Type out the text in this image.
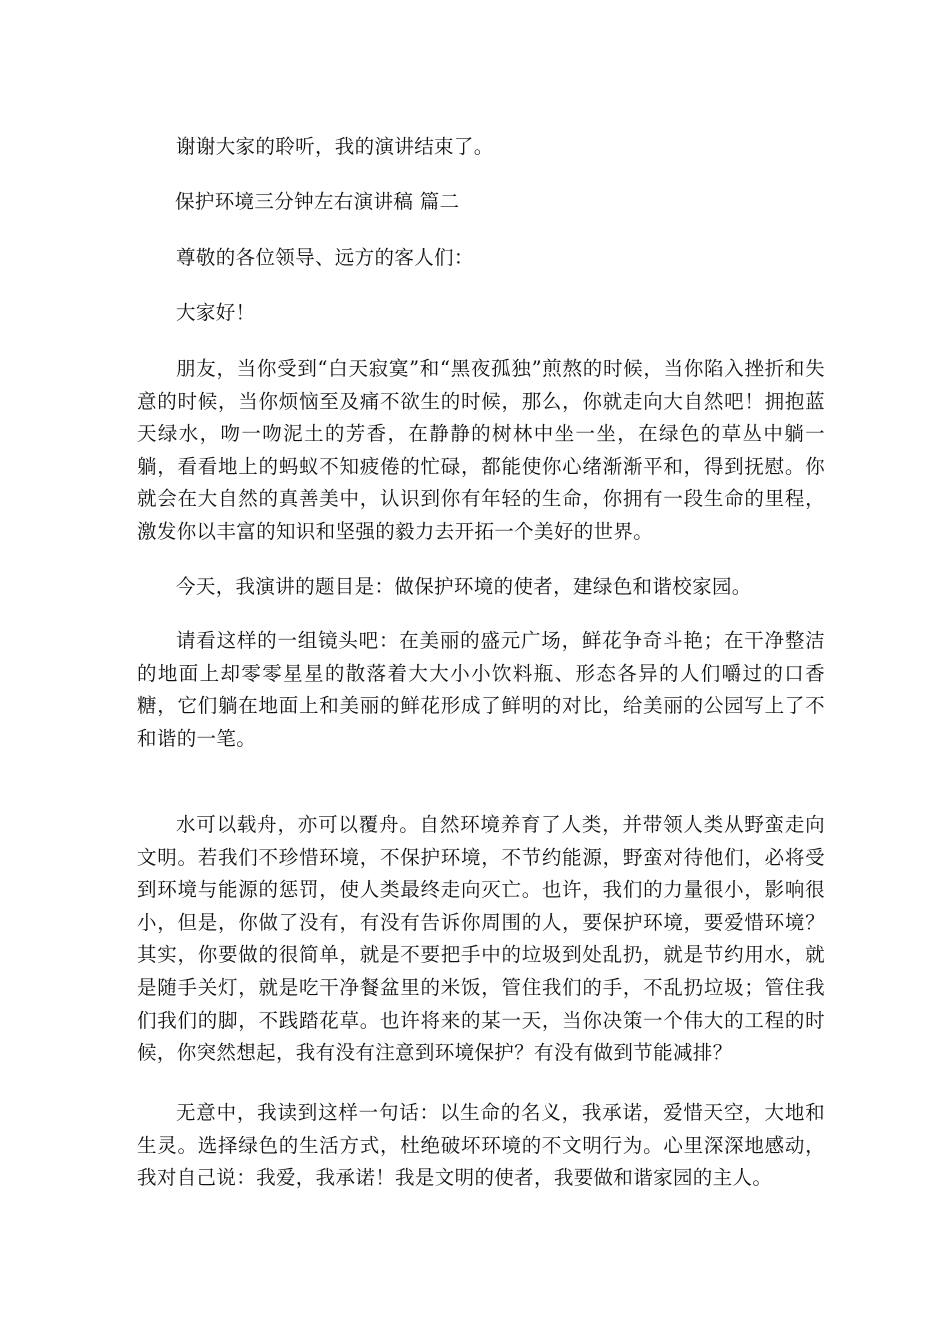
谢谢大家的聆听，我的演讲结束了。

保护环境三分钟左右演讲稿 篇二

尊敬的各位领导、远方的客人们：

大家好！

朋友，当你受到“白天寂寞”和“黑夜孤独”煎熬的时候，当你陷入挫折和失意的时候，当你烦恼至及痛不欲生的时候，那么，你就走向大自然吧！拥抱蓝天绿水，吻一吻泥土的芳香，在静静的树林中坐一坐，在绿色的草丛中躺一躺，看看地上的蚂蚁不知疲倦的忙碌，都能使你心绪渐渐平和，得到抚慰。你就会在大自然的真善美中，认识到你有年轻的生命，你拥有一段生命的里程，激发你以丰富的知识和坚强的毅力去开拓一个美好的世界。

今天，我演讲的题目是：做保护环境的使者，建绿色和谐校家园。

请看这样的一组镜头吧：在美丽的盛元广场，鲜花争奇斗艳；在干净整洁的地面上却零零星星的散落着大大小小饮料瓶、形态各异的人们嚼过的口香糖，它们躺在地面上和美丽的鲜花形成了鲜明的对比，给美丽的公园写上了不和谐的一笔。

水可以载舟，亦可以覆舟。自然环境养育了人类，并带领人类从野蛮走向文明。若我们不珍惜环境，不保护环境，不节约能源，野蛮对待他们，必将受到环境与能源的惩罚，使人类最终走向灭亡。也许，我们的力量很小，影响很小，但是，你做了没有，有没有告诉你周围的人，要保护环境，要爱惜环境？其实，你要做的很简单，就是不要把手中的垃圾到处乱扔，就是节约用水，就是随手关灯，就是吃干净餐盆里的米饭，管住我们的手，不乱扔垃圾；管住我们我们的脚，不践踏花草。也许将来的某一天，当你决策一个伟大的工程的时候，你突然想起，我有没有注意到环境保护？有没有做到节能减排？

无意中，我读到这样一句话：以生命的名义，我承诺，爱惜天空，大地和生灵。选择绿色的生活方式，杜绝破坏环境的不文明行为。心里深深地感动，我对自己说：我爱，我承诺！我是文明的使者，我要做和谐家园的主人。
